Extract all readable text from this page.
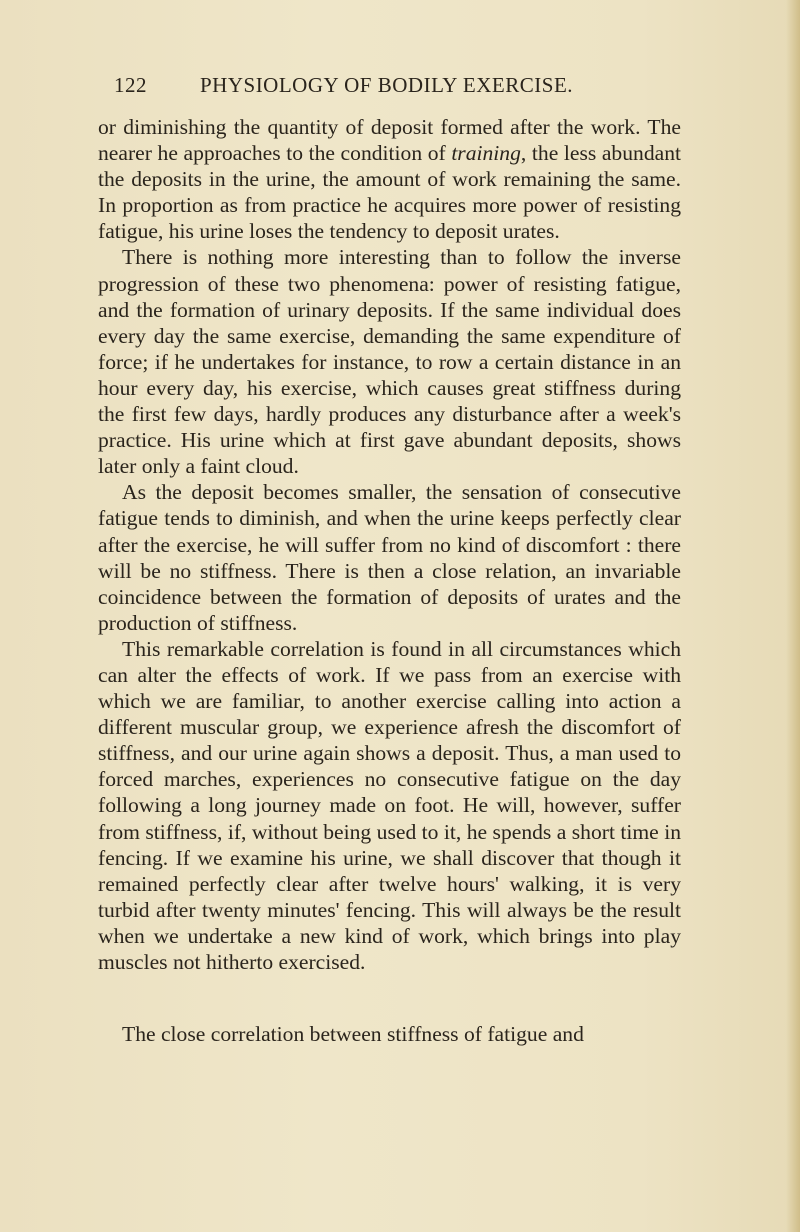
122	PHYSIOLOGY OF BODILY EXERCISE.

or diminishing the quantity of deposit formed after the work. The nearer he approaches to the condition of training, the less abundant the deposits in the urine, the amount of work remaining the same. In proportion as from practice he acquires more power of resisting fatigue, his urine loses the tendency to deposit urates.

There is nothing more interesting than to follow the inverse progression of these two phenomena: power of resisting fatigue, and the formation of urinary deposits. If the same individual does every day the same exercise, demanding the same expenditure of force; if he undertakes for instance, to row a certain distance in an hour every day, his exercise, which causes great stiffness during the first few days, hardly produces any disturbance after a week's practice. His urine which at first gave abundant deposits, shows later only a faint cloud.

As the deposit becomes smaller, the sensation of consecutive fatigue tends to diminish, and when the urine keeps perfectly clear after the exercise, he will suffer from no kind of discomfort : there will be no stiffness. There is then a close relation, an invariable coincidence between the formation of deposits of urates and the production of stiffness.

This remarkable correlation is found in all circumstances which can alter the effects of work. If we pass from an exercise with which we are familiar, to another exercise calling into action a different muscular group, we experience afresh the discomfort of stiffness, and our urine again shows a deposit. Thus, a man used to forced marches, experiences no consecutive fatigue on the day following a long journey made on foot. He will, however, suffer from stiffness, if, without being used to it, he spends a short time in fencing. If we examine his urine, we shall discover that though it remained perfectly clear after twelve hours' walking, it is very turbid after twenty minutes' fencing. This will always be the result when we undertake a new kind of work, which brings into play muscles not hitherto exercised.

The close correlation between stiffness of fatigue and
